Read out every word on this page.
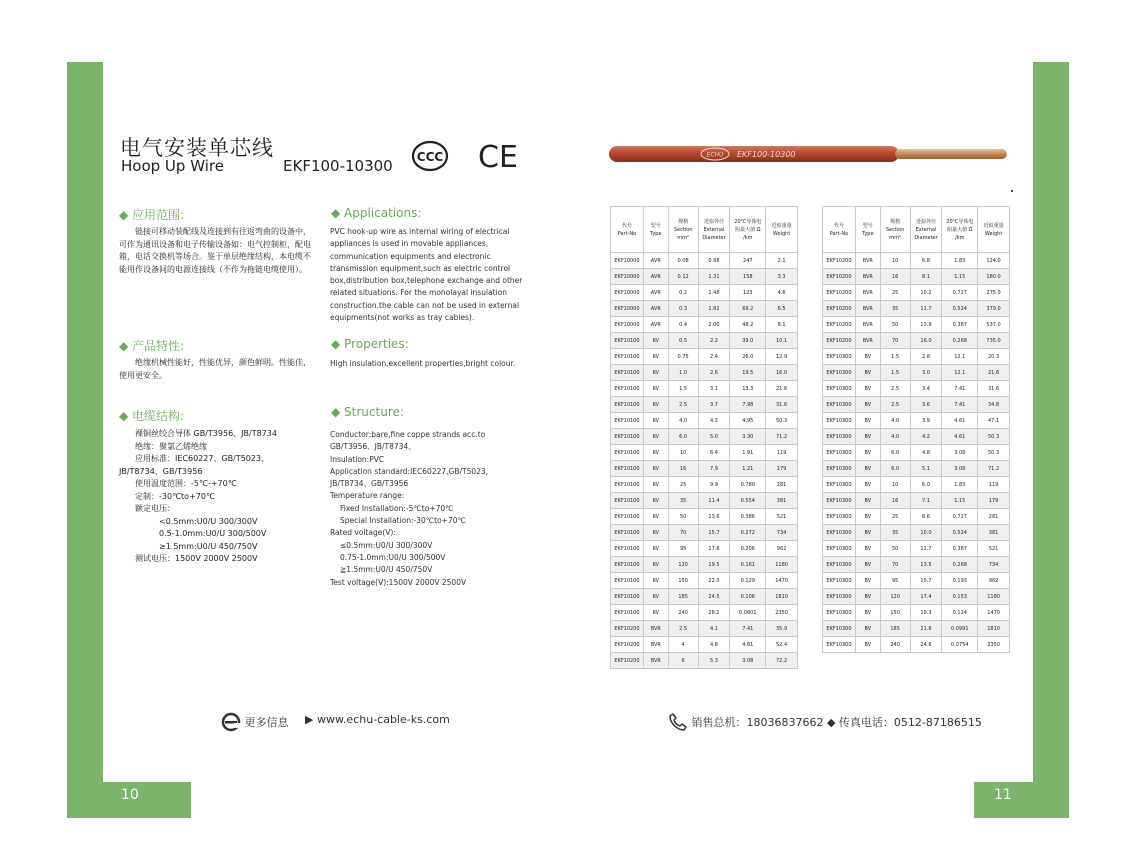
10	11
电气安装单芯线
Hoop Up Wire	EKF100-10300 CCC CE
◆ 应用范围:
链接可移动装配线及连接到有往返弯曲的设备中，可作为通讯设备和电子传输设备如：电气控制柜，配电箱，电话交换机等场合。鉴于单层绝缘结构，本电缆不能用作设备间的电源连接线（不作为拖链电缆使用）。
◆ Applications:
PVC hook-up wire as internal wiring of electrical appliances is used in movable appliances, communication equipments and electronic transmission equipment,such as electric control box,distribution box,telephone exchange and other related situations. For the monolayal insulation construction,the cable can not be used in external equipments(not works as tray cables).
◆ 产品特性:
绝缘机械性能好，性能优异，颜色鲜明。性能佳，使用更安全。
◆ Properties:
High insulation,excellent properties,bright colour.
◆ 电缆结构:
裸铜丝绞合导体 GB/T3956、JB/T8734
绝缘：聚氯乙烯绝缘
应用标准：IEC60227、GB/T5023、
JB/T8734、GB/T3956
使用温度范围：-5℃-+70℃
定制：-30℃to+70℃
额定电压：
<0.5mm:U0/U 300/300V
0.5-1.0mm:U0/U 300/500V
≥1.5mm:U0/U 450/750V
测试电压：1500V 2000V 2500V
◆ Structure:
Conductor:bare,fine coppe strands acc.to
GB/T3956、JB/T8734、
Insulation:PVC
Application standard:IEC60227,GB/T5023,
JB/T8734、GB/T3956
Temperature range:
Fixed Installation:-5℃to+70℃
Special Installation:-30℃to+70℃
Rated voltage(V):
≤0.5mm:U0/U 300/300V
0.75-1.0mm:U0/U 300/500V
≧1.5mm:U0/U 450/750V
Test voltage(V):1500V 2000V 2500V
ECHU EKF100-10300
代号
Part-No	型号
Type	规格
Section
mm²	近似外径
External
Diameter	20℃导体电
阻最大值 Ω
/km	近似重量
Weight
EKF10000	AVR	0.08	0.98	247	2.1
EKF10000	AVR	0.12	1.31	158	3.3
EKF10000	AVR	0.2	1.48	123	4.6
EKF10000	AVR	0.3	1.82	69.2	6.5
EKF10000	AVR	0.4	2.00	48.2	8.1
EKF10100	RV	0.5	2.2	39.0	10.1
EKF10100	RV	0.75	2.4	26.0	12.9
EKF10100	RV	1.0	2.6	19.5	16.0
EKF10100	RV	1.5	3.1	13.3	21.6
EKF10100	RV	2.5	3.7	7.98	31.6
EKF10100	RV	4.0	4.3	4.95	50.3
EKF10100	RV	6.0	5.0	3.30	71.2
EKF10100	RV	10	6.4	1.91	119
EKF10100	RV	16	7.9	1.21	179
EKF10100	RV	25	9.9	0.780	281
EKF10100	RV	35	11.4	0.554	381
EKF10100	RV	50	13.6	0.386	521
EKF10100	RV	70	15.7	0.272	734
EKF10100	RV	95	17.6	0.206	962
EKF10100	RV	120	19.5	0.161	1180
EKF10100	RV	150	22.0	0.129	1470
EKF10100	RV	185	24.5	0.106	1810
EKF10100	RV	240	28.2	0.0801	2350
EKF10200	BVR	2.5	4.1	7.41	35.9
EKF10200	BVR	4	4.8	4.61	52.4
EKF10200	BVR	6	5.3	3.08	72.2
代号
Part-No	型号
Type	规格
Section
mm²	近似外径
External
Diameter	20℃导体电
阻最大值 Ω
/km	近似重量
Weight
EKF10200	BVR	10	6.8	1.83	124.0
EKF10200	BVR	16	8.1	1.15	180.0
EKF10200	BVR	25	10.2	0.727	275.0
EKF10200	BVR	35	11.7	0.524	379.0
EKF10200	BVR	50	13.9	0.387	537.0
EKF10200	BVR	70	16.0	0.268	735.0
EKF10300	BV	1.5	2.8	12.1	20.3
EKF10300	BV	1.5	3.0	12.1	21.6
EKF10300	BV	2.5	3.4	7.41	31.6
EKF10300	BV	2.5	3.6	7.41	34.8
EKF10300	BV	4.0	3.9	4.61	47.1
EKF10300	BV	4.0	4.2	4.61	50.3
EKF10300	BV	6.0	4.8	3.08	50.3
EKF10300	BV	6.0	5.1	3.08	71.2
EKF10300	BV	10	6.0	1.83	119
EKF10300	BV	16	7.1	1.15	179
EKF10300	BV	25	8.6	0.727	281
EKF10300	BV	35	10.0	0.524	381
EKF10300	BV	50	11.7	0.387	521
EKF10300	BV	70	13.5	0.268	734
EKF10300	BV	95	15.7	0.193	962
EKF10300	BV	120	17.4	0.153	1180
EKF10300	BV	150	19.3	0.124	1470
EKF10300	BV	185	21.6	0.0991	1810
EKF10300	BV	240	24.6	0.0754	2350
更多信息 ▶ www.echu-cable-ks.com	销售总机：18036837662 ◆ 传真电话：0512-87186515
